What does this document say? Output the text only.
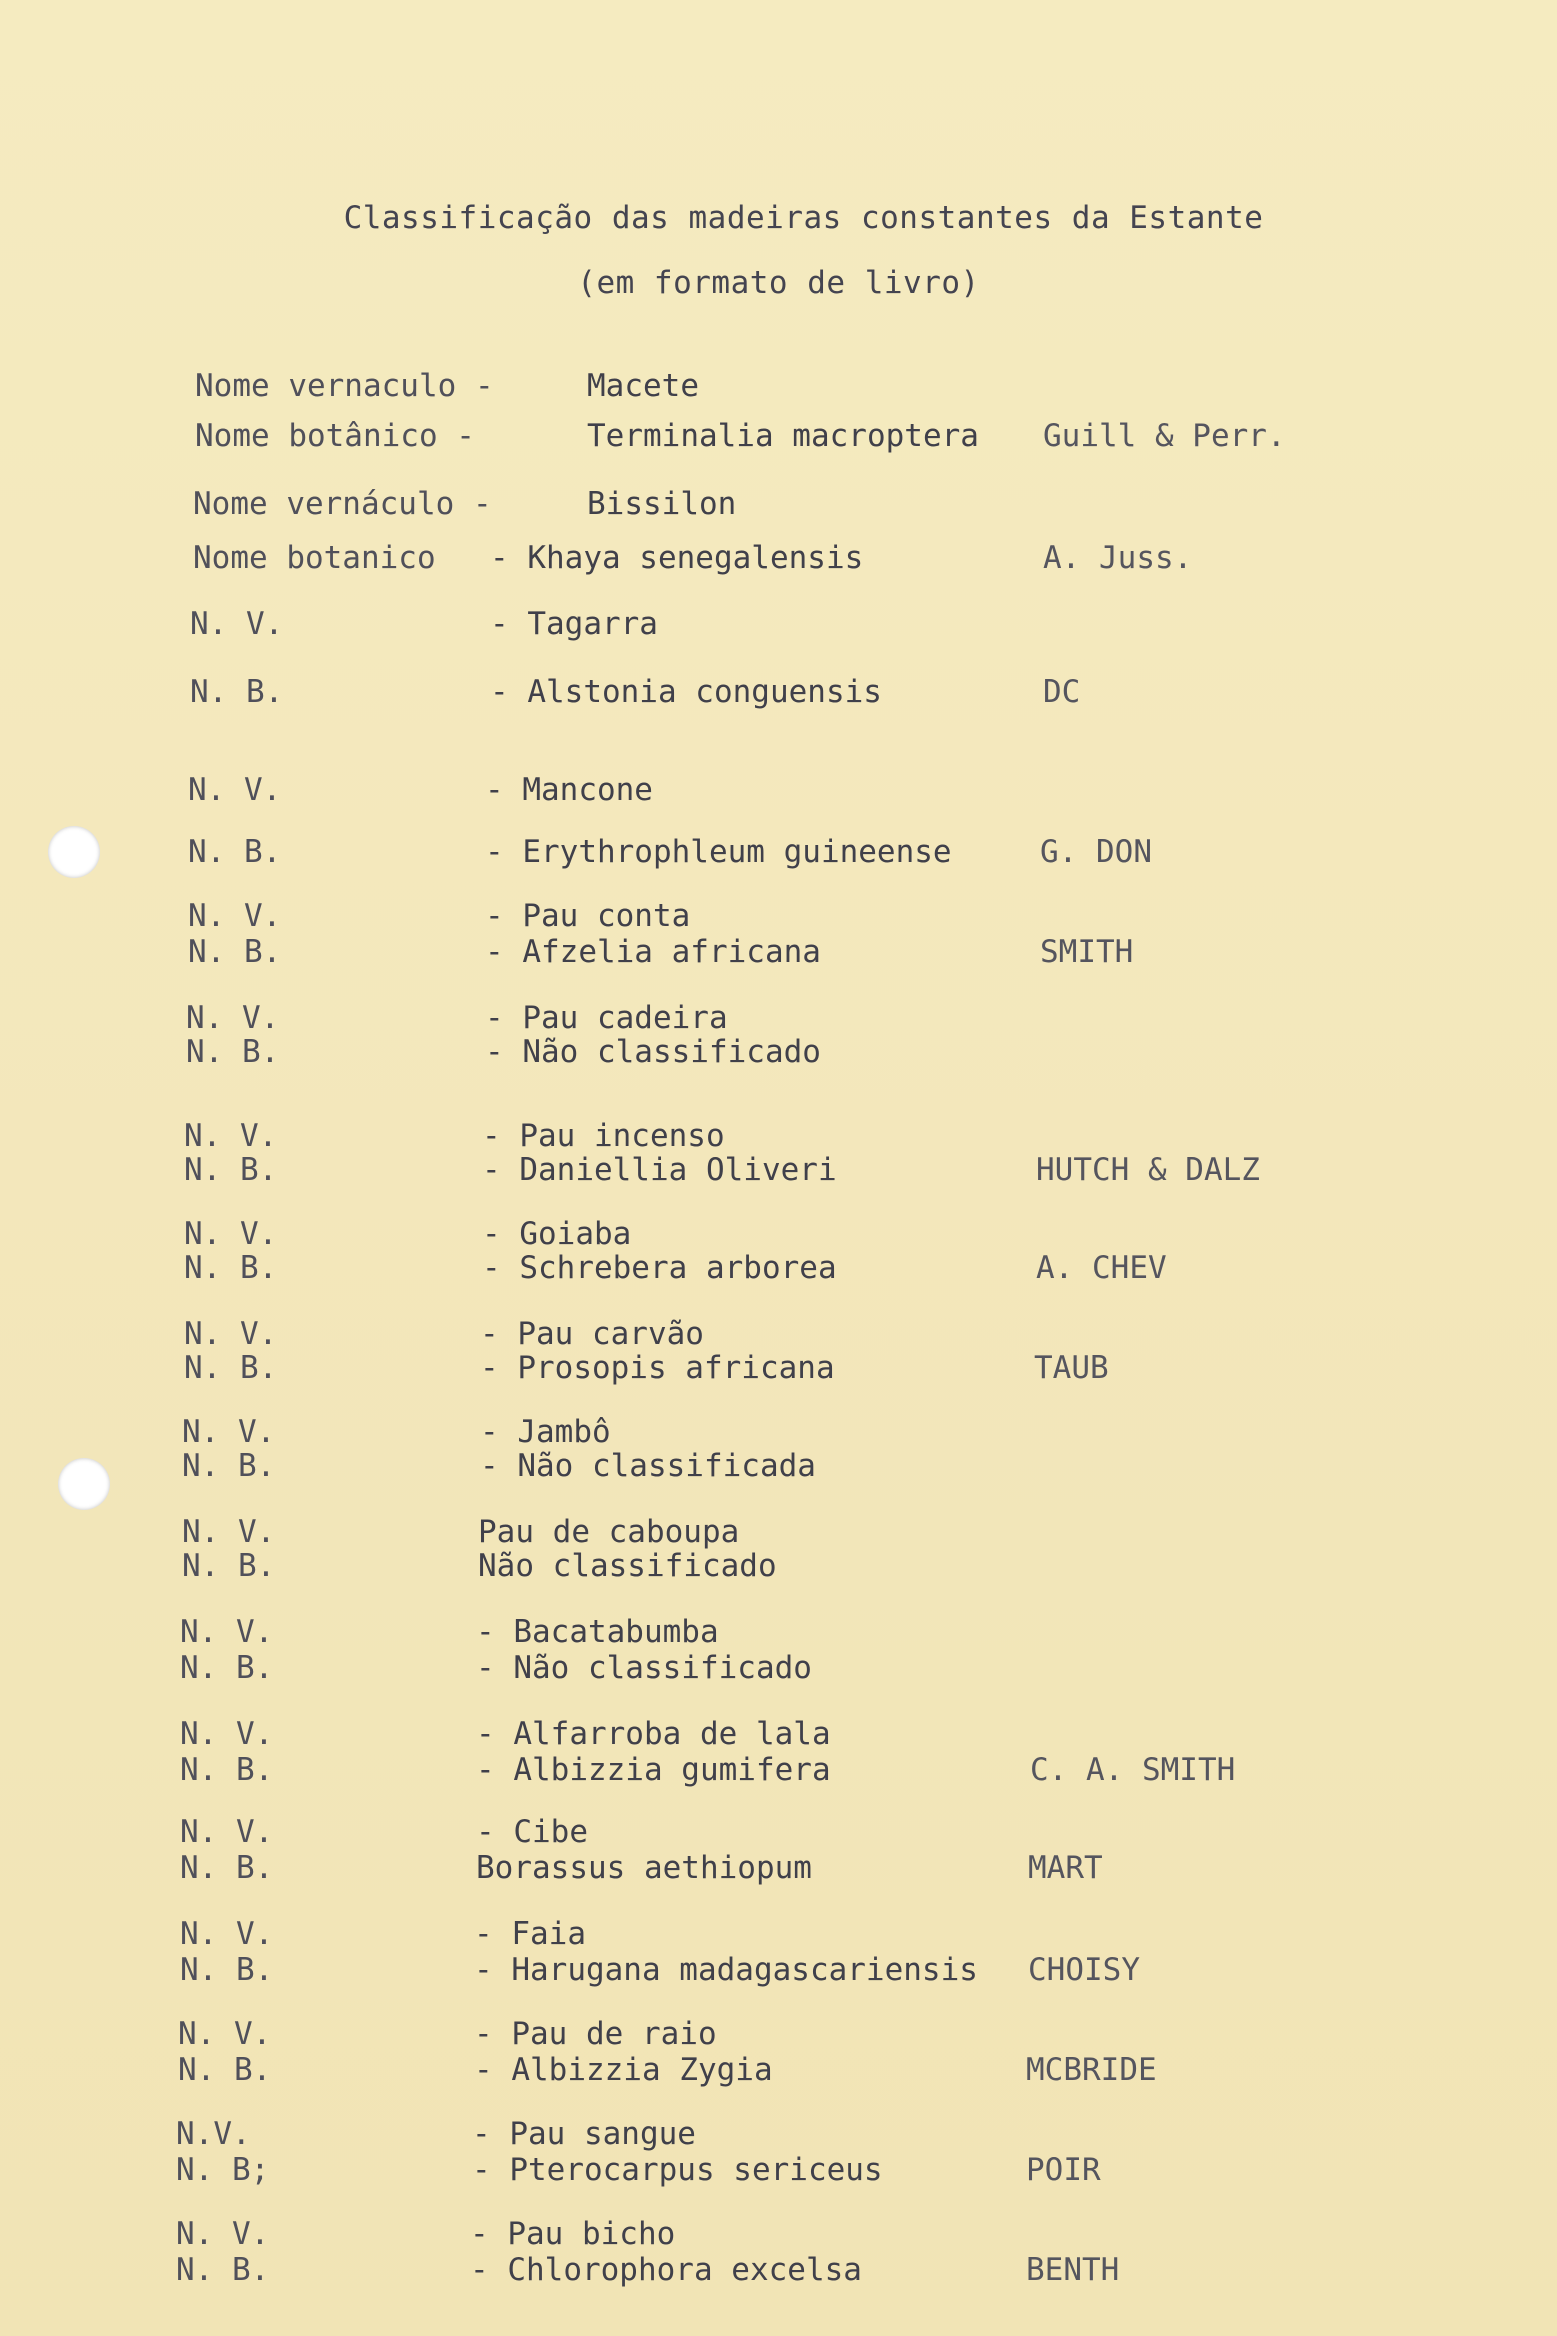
Classificação das madeiras constantes da Estante
(em formato de livro)
Nome vernaculo -	Macete
Nome botânico -	Terminalia macroptera Guill & Perr.
Nome vernáculo -	Bissilon
Nome botanico - Khaya senegalensis	A. Juss.
N. V.	- Tagarra
N. B.	- Alstonia conguensis	DC
N. V.	- Mancone
N. B.	- Erythrophleum guineense	G. DON
N. V.	- Pau conta
N. B.	- Afzelia africana	SMITH
N. V.	- Pau cadeira
N. B.	- Não classificado
N. V.	- Pau incenso
N. B.	- Daniellia Oliveri	HUTCH & DALZ
N. V.	- Goiaba
N. B.	- Schrebera arborea	A. CHEV
N. V.	- Pau carvão
N. B.	- Prosopis africana	TAUB
N. V.	- Jambô
N. B.	- Não classificada
N. V.	Pau de caboupa
N. B.	Não classificado
N. V.	- Bacatabumba
N. B.	- Não classificado
N. V.	- Alfarroba de lala
N. B.	- Albizzia gumifera	C. A. SMITH
N. V.	- Cibe
N. B.	Borassus aethiopum	MART
N. V.	- Faia
N. B.	- Harugana madagascariensis CHOISY
N. V.	- Pau de raio
N. B.	- Albizzia Zygia	MCBRIDE
N.V.	- Pau sangue
N. B;	- Pterocarpus sericeus	POIR
N. V.	- Pau bicho
N. B.	- Chlorophora excelsa	BENTH
